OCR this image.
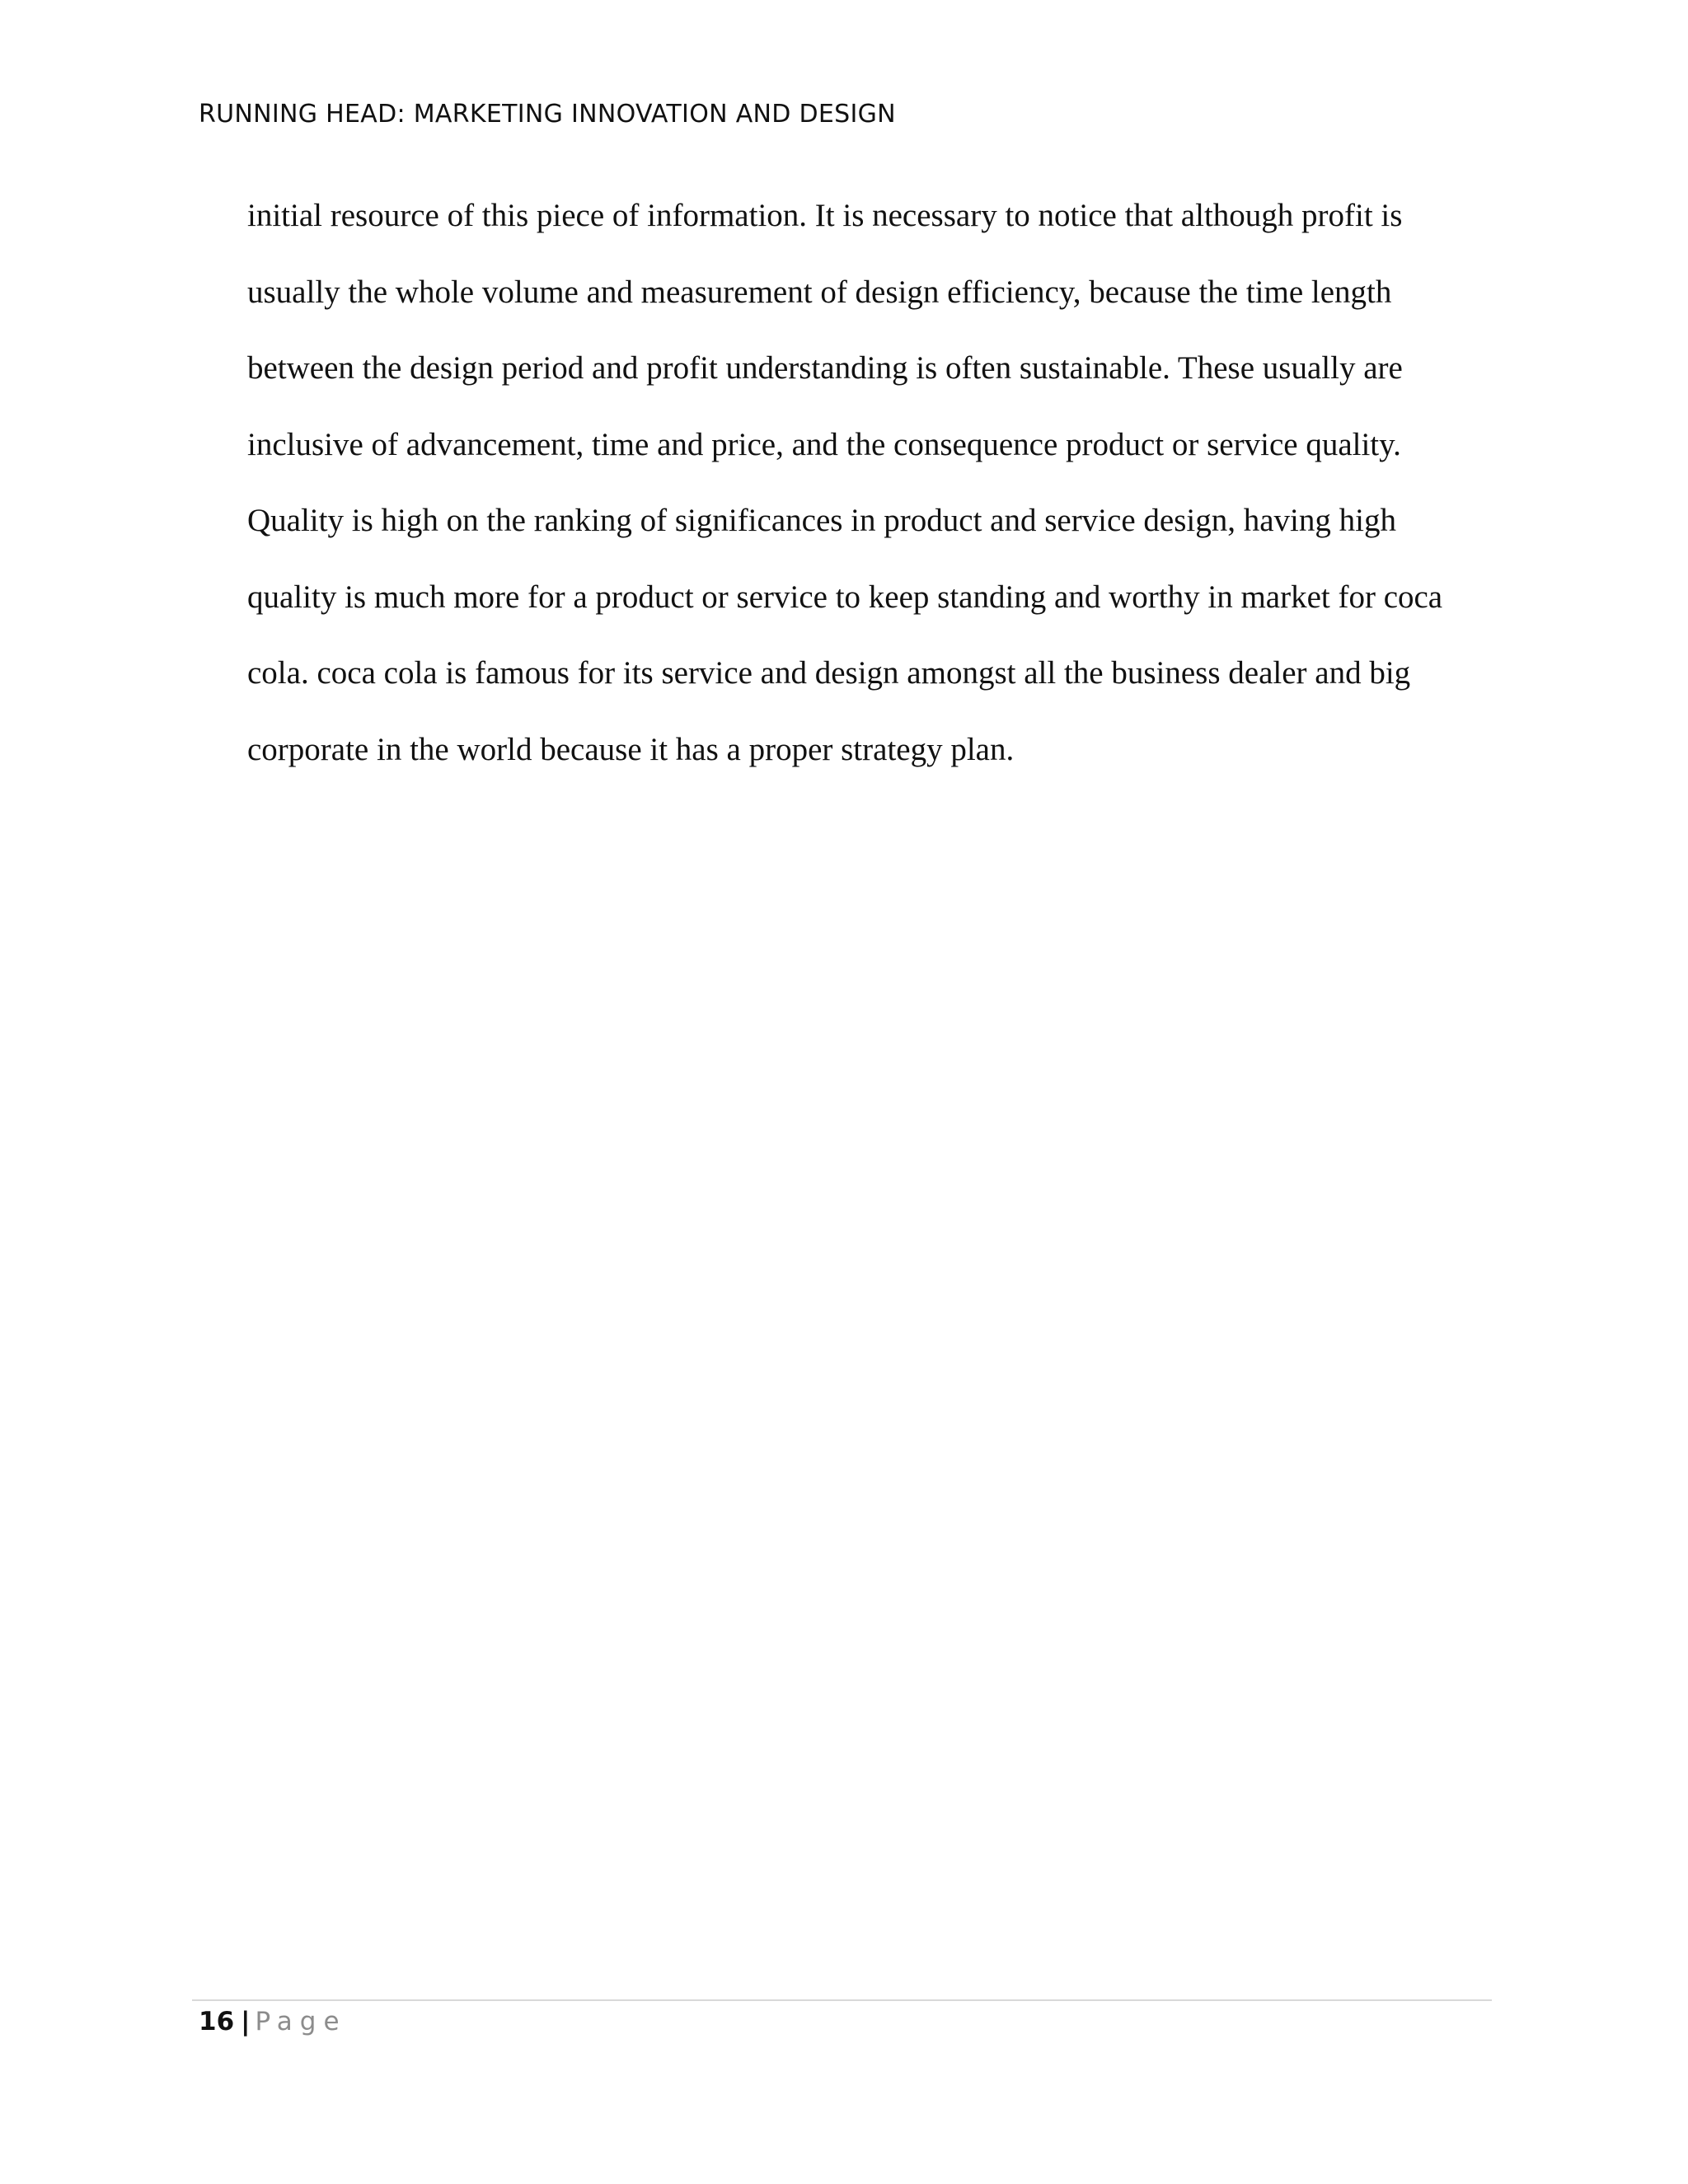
RUNNING HEAD: MARKETING INNOVATION AND DESIGN
initial resource of this piece of information. It is necessary to notice that although profit is
usually the whole volume and measurement of design efficiency, because the time length
between the design period and profit understanding is often sustainable. These usually are
inclusive of advancement, time and price, and the consequence product or service quality.
Quality is high on the ranking of significances in product and service design, having high
quality is much more for a product or service to keep standing and worthy in market for coca
cola. coca cola is famous for its service and design amongst all the business dealer and big
corporate in the world because it has a proper strategy plan.
16 | Page
